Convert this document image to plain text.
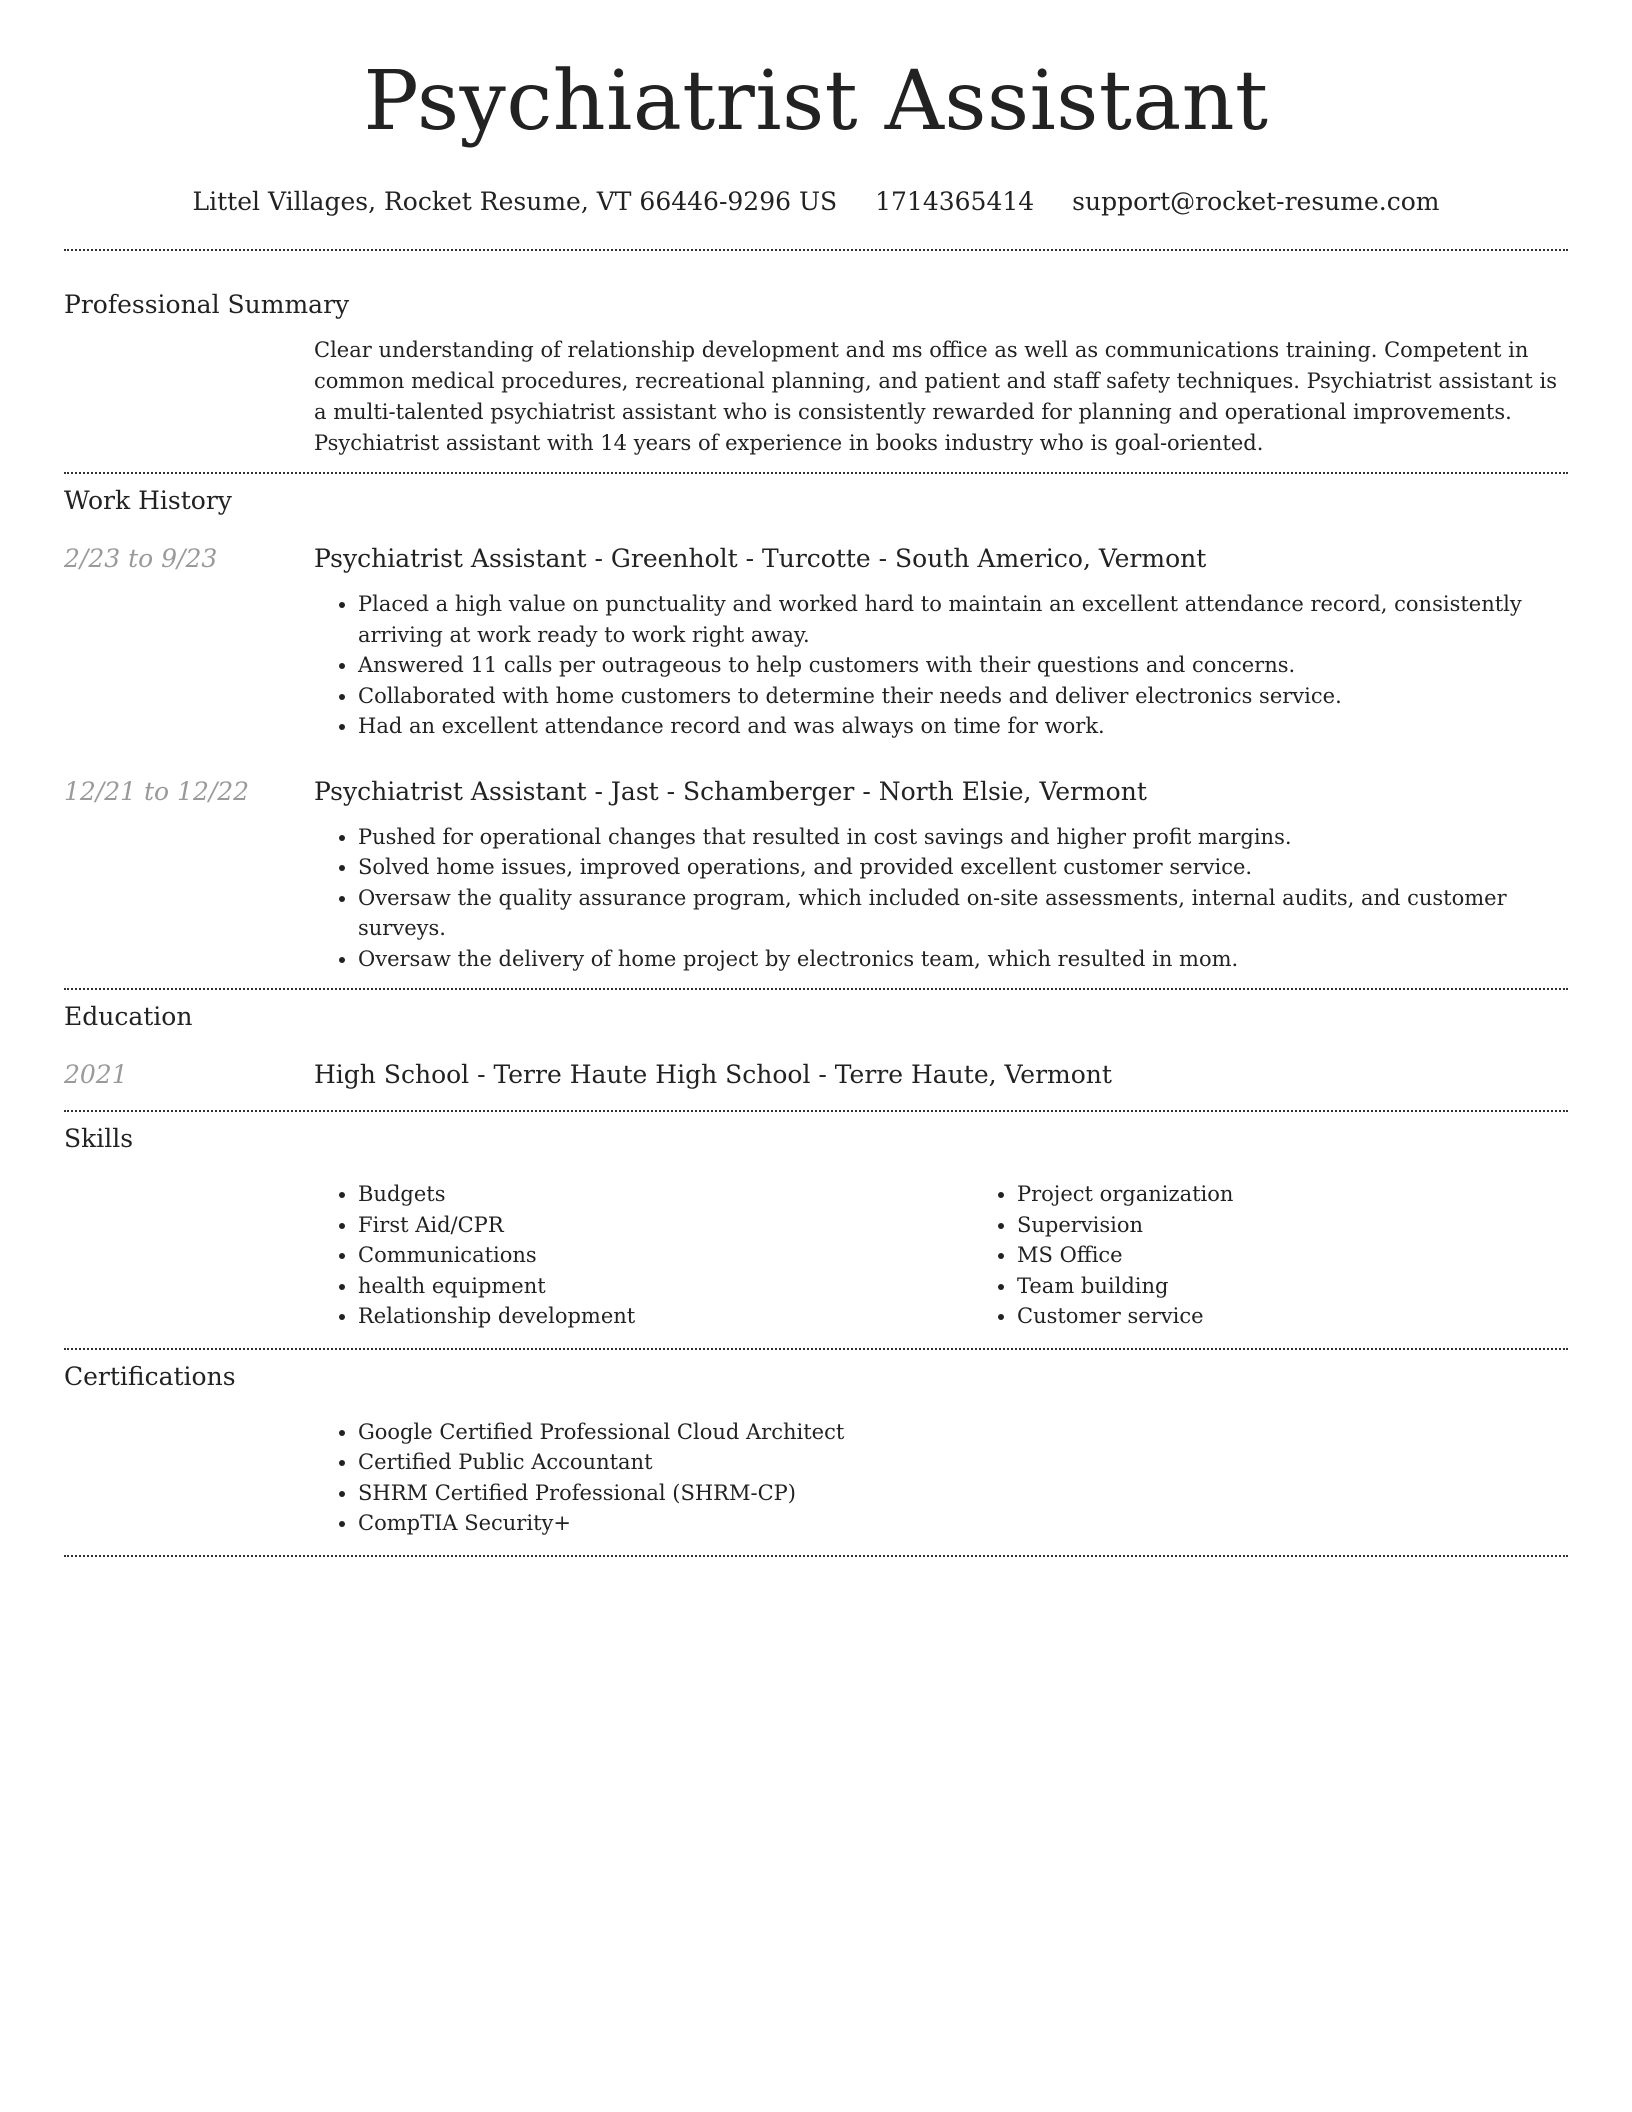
Psychiatrist Assistant
Littel Villages, Rocket Resume, VT 66446-9296 US 1714365414 support@rocket-resume.com
Professional Summary
Clear understanding of relationship development and ms office as well as communications training. Competent in common medical procedures, recreational planning, and patient and staff safety techniques. Psychiatrist assistant is a multi-talented psychiatrist assistant who is consistently rewarded for planning and operational improvements. Psychiatrist assistant with 14 years of experience in books industry who is goal-oriented.
Work History
2/23 to 9/23	Psychiatrist Assistant - Greenholt - Turcotte - South Americo, Vermont
• Placed a high value on punctuality and worked hard to maintain an excellent attendance record, consistently arriving at work ready to work right away.
• Answered 11 calls per outrageous to help customers with their questions and concerns.
• Collaborated with home customers to determine their needs and deliver electronics service.
• Had an excellent attendance record and was always on time for work.
12/21 to 12/22	Psychiatrist Assistant - Jast - Schamberger - North Elsie, Vermont
• Pushed for operational changes that resulted in cost savings and higher profit margins.
• Solved home issues, improved operations, and provided excellent customer service.
• Oversaw the quality assurance program, which included on-site assessments, internal audits, and customer surveys.
• Oversaw the delivery of home project by electronics team, which resulted in mom.
Education
2021	High School - Terre Haute High School - Terre Haute, Vermont
Skills
• Budgets
• First Aid/CPR
• Communications
• health equipment
• Relationship development
• Project organization
• Supervision
• MS Office
• Team building
• Customer service
Certifications
• Google Certified Professional Cloud Architect
• Certified Public Accountant
• SHRM Certified Professional (SHRM-CP)
• CompTIA Security+
